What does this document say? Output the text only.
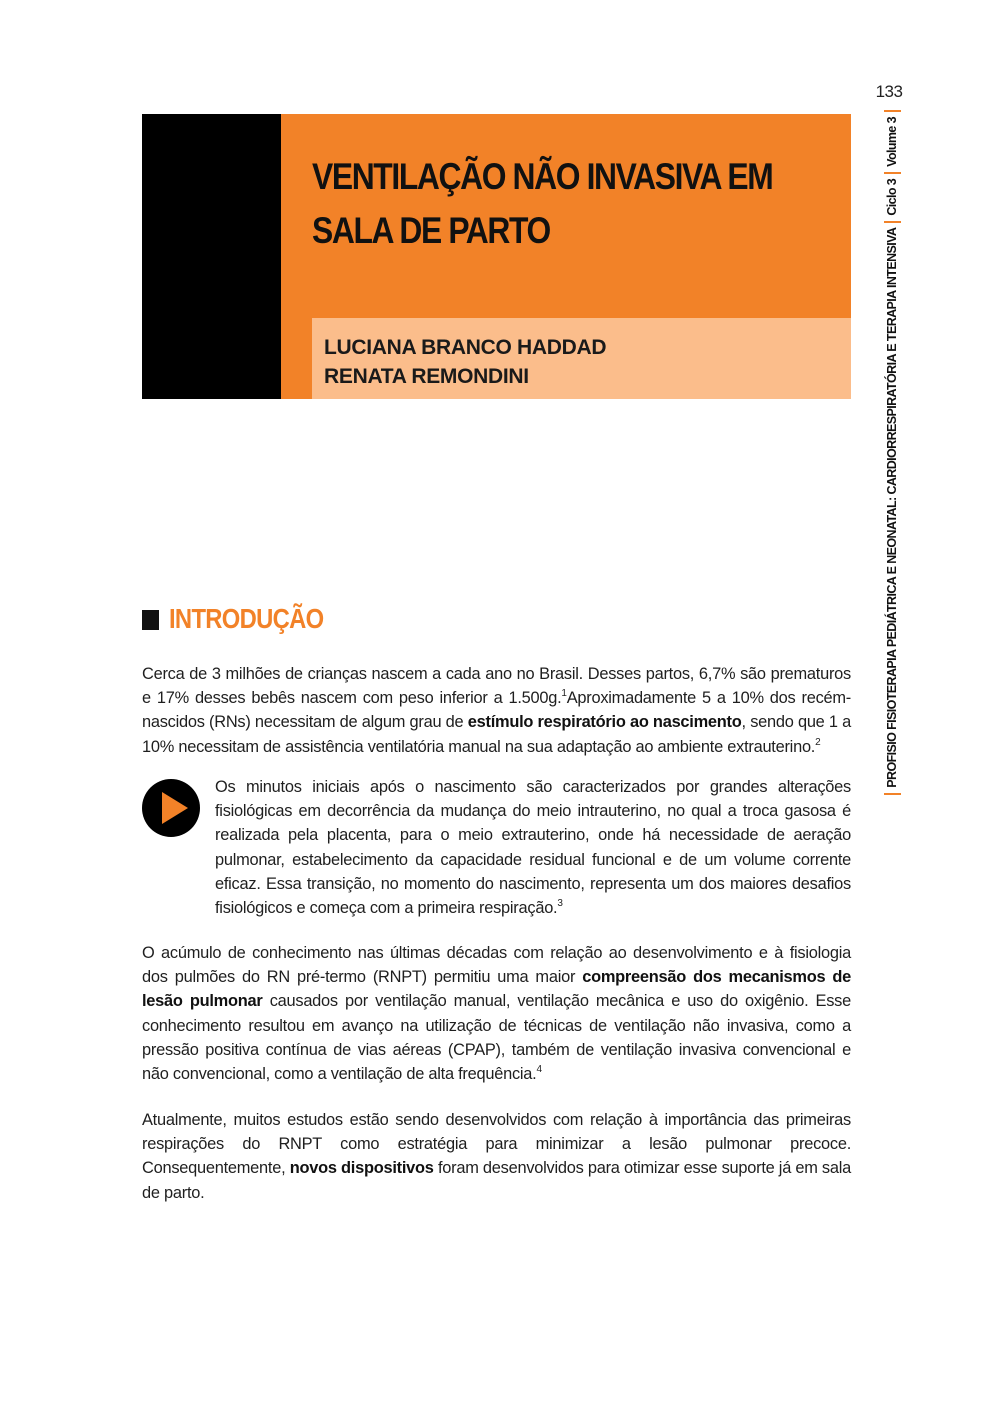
133
PROFISIO FISIOTERAPIA PEDIÁTRICA E NEONATAL: CARDIORRESPIRATÓRIA E TERAPIA INTENSIVA
Ciclo 3
Volume 3
VENTILAÇÃO NÃO INVASIVA EM
SALA DE PARTO
LUCIANA BRANCO HADDAD
RENATA REMONDINI
INTRODUÇÃO

Cerca de 3 milhões de crianças nascem a cada ano no Brasil. Desses partos, 6,7% são prematuros e 17% desses bebês nascem com peso inferior a 1.500g.$^1$Aproximadamente 5 a 10% dos recém-nascidos (RNs) necessitam de algum grau de estímulo respiratório ao nascimento, sendo que 1 a 10% necessitam de assistência ventilatória manual na sua adaptação ao ambiente extrauterino.$^2$

Os minutos iniciais após o nascimento são caracterizados por grandes alterações fisiológicas em decorrência da mudança do meio intrauterino, no qual a troca gasosa é realizada pela placenta, para o meio extrauterino, onde há necessidade de aeração pulmonar, estabelecimento da capacidade residual funcional e de um volume corrente eficaz. Essa transição, no momento do nascimento, representa um dos maiores desafios fisiológicos e começa com a primeira respiração.$^3$

O acúmulo de conhecimento nas últimas décadas com relação ao desenvolvimento e à fisiologia dos pulmões do RN pré-termo (RNPT) permitiu uma maior compreensão dos mecanismos de lesão pulmonar causados por ventilação manual, ventilação mecânica e uso do oxigênio. Esse conhecimento resultou em avanço na utilização de técnicas de ventilação não invasiva, como a pressão positiva contínua de vias aéreas (CPAP), também de ventilação invasiva convencional e não convencional, como a ventilação de alta frequência.$^4$

Atualmente, muitos estudos estão sendo desenvolvidos com relação à importância das primeiras respirações do RNPT como estratégia para minimizar a lesão pulmonar precoce. Consequentemente, novos dispositivos foram desenvolvidos para otimizar esse suporte já em sala de parto.
